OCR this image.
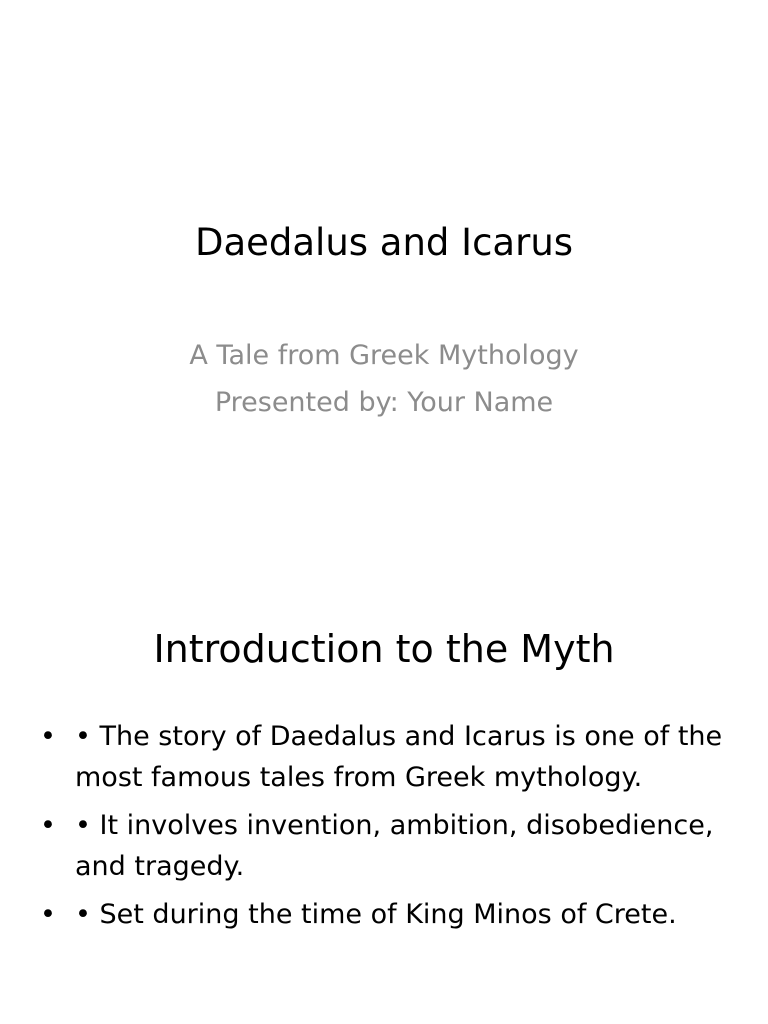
Daedalus and Icarus
A Tale from Greek Mythology
Presented by: Your Name
Introduction to the Myth
• • The story of Daedalus and Icarus is one of the most famous tales from Greek mythology.
• • It involves invention, ambition, disobedience, and tragedy.
• • Set during the time of King Minos of Crete.
